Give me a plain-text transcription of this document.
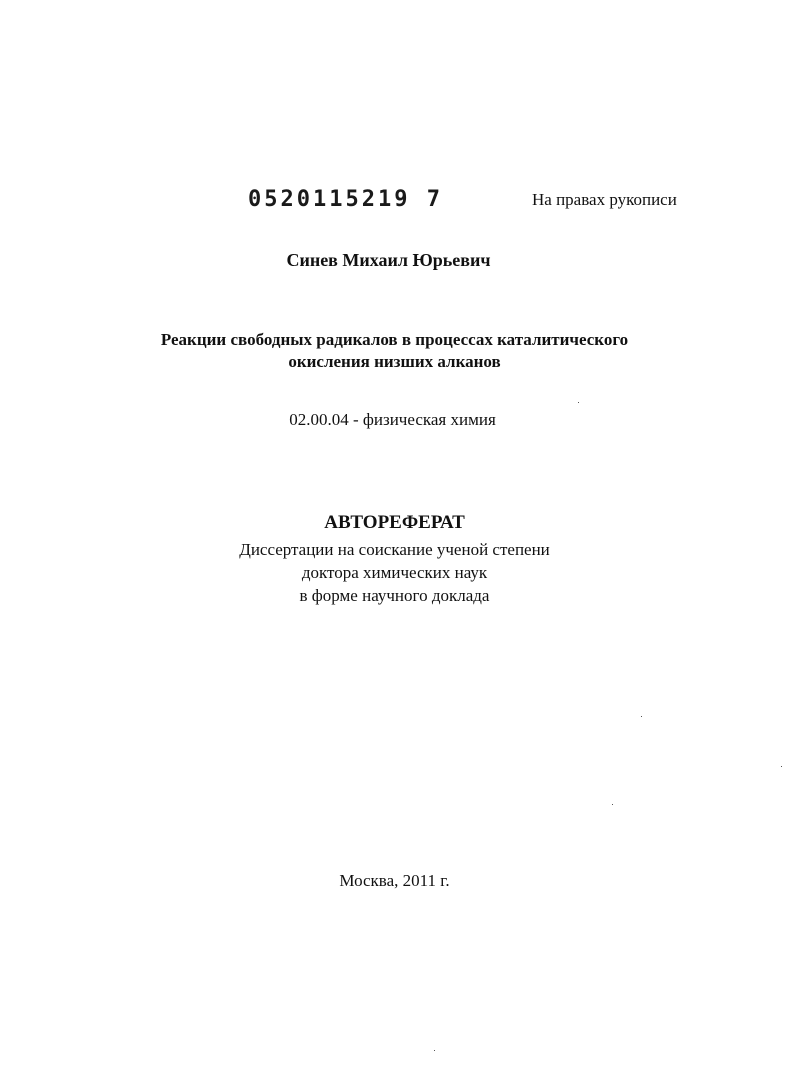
0520115219 7	На правах рукописи
Синев Михаил Юрьевич
Реакции свободных радикалов в процессах каталитического
окисления низших алканов
02.00.04 - физическая химия
АВТОРЕФЕРАТ
Диссертации на соискание ученой степени
доктора химических наук
в форме научного доклада
Москва, 2011 г.
